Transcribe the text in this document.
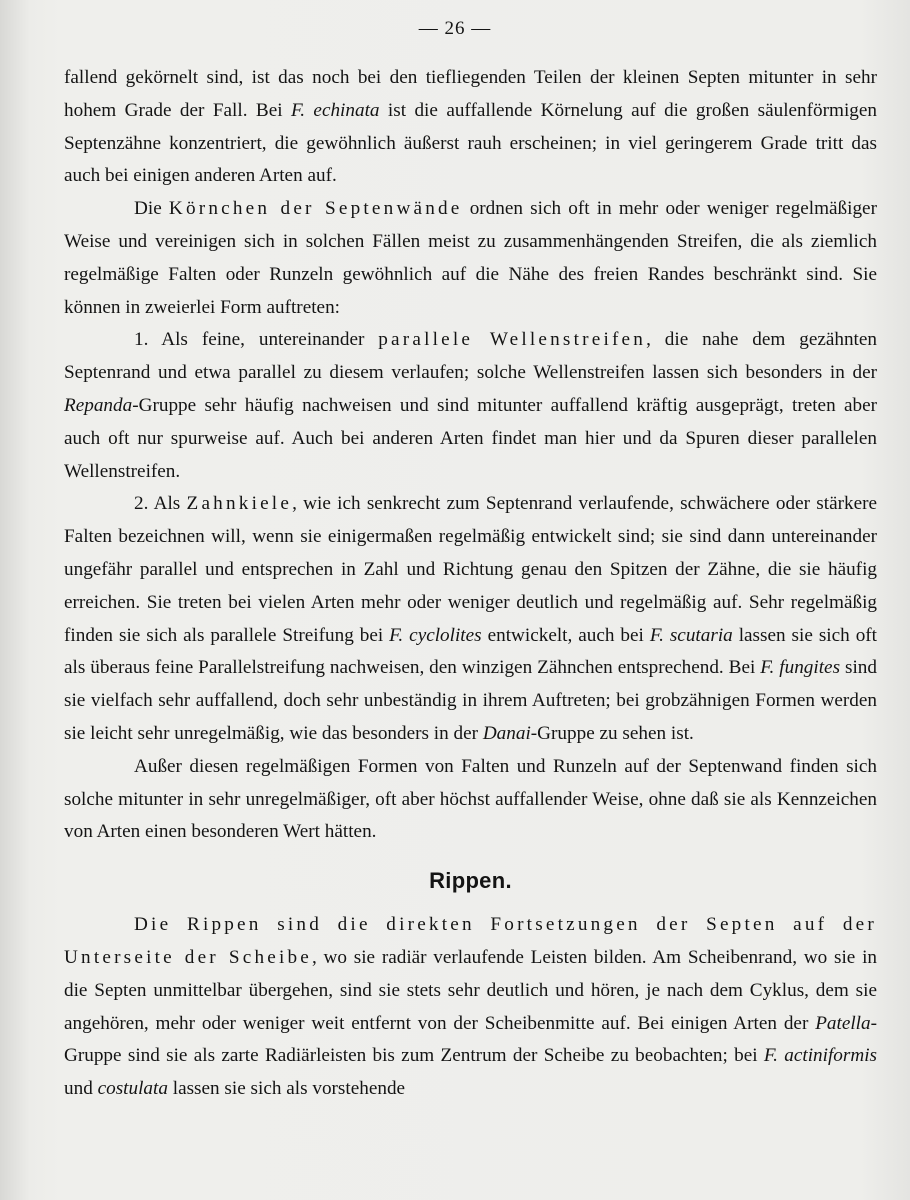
— 26 —

fallend gekörnelt sind, ist das noch bei den tiefliegenden Teilen der kleinen Septen mitunter in sehr hohem Grade der Fall. Bei F. echinata ist die auffallende Körnelung auf die großen säulenförmigen Septenzähne konzentriert, die gewöhnlich äußerst rauh erscheinen; in viel geringerem Grade tritt das auch bei einigen anderen Arten auf.

Die Körnchen der Septenwände ordnen sich oft in mehr oder weniger regelmäßiger Weise und vereinigen sich in solchen Fällen meist zu zusammenhängenden Streifen, die als ziemlich regelmäßige Falten oder Runzeln gewöhnlich auf die Nähe des freien Randes beschränkt sind. Sie können in zweierlei Form auftreten:

1. Als feine, untereinander parallele Wellenstreifen, die nahe dem gezähnten Septenrand und etwa parallel zu diesem verlaufen; solche Wellenstreifen lassen sich besonders in der Repanda-Gruppe sehr häufig nachweisen und sind mitunter auffallend kräftig ausgeprägt, treten aber auch oft nur spurweise auf. Auch bei anderen Arten findet man hier und da Spuren dieser parallelen Wellenstreifen.

2. Als Zahnkiele, wie ich senkrecht zum Septenrand verlaufende, schwächere oder stärkere Falten bezeichnen will, wenn sie einigermaßen regelmäßig entwickelt sind; sie sind dann untereinander ungefähr parallel und entsprechen in Zahl und Richtung genau den Spitzen der Zähne, die sie häufig erreichen. Sie treten bei vielen Arten mehr oder weniger deutlich und regelmäßig auf. Sehr regelmäßig finden sie sich als parallele Streifung bei F. cyclolites entwickelt, auch bei F. scutaria lassen sie sich oft als überaus feine Parallelstreifung nachweisen, den winzigen Zähnchen entsprechend. Bei F. fungites sind sie vielfach sehr auffallend, doch sehr unbeständig in ihrem Auftreten; bei grobzähnigen Formen werden sie leicht sehr unregelmäßig, wie das besonders in der Danai-Gruppe zu sehen ist.

Außer diesen regelmäßigen Formen von Falten und Runzeln auf der Septenwand finden sich solche mitunter in sehr unregelmäßiger, oft aber höchst auffallender Weise, ohne daß sie als Kennzeichen von Arten einen besonderen Wert hätten.

Rippen.

Die Rippen sind die direkten Fortsetzungen der Septen auf der Unterseite der Scheibe, wo sie radiär verlaufende Leisten bilden. Am Scheibenrand, wo sie in die Septen unmittelbar übergehen, sind sie stets sehr deutlich und hören, je nach dem Cyklus, dem sie angehören, mehr oder weniger weit entfernt von der Scheibenmitte auf. Bei einigen Arten der Patella-Gruppe sind sie als zarte Radiärleisten bis zum Zentrum der Scheibe zu beobachten; bei F. actiniformis und costulata lassen sie sich als vorstehende
